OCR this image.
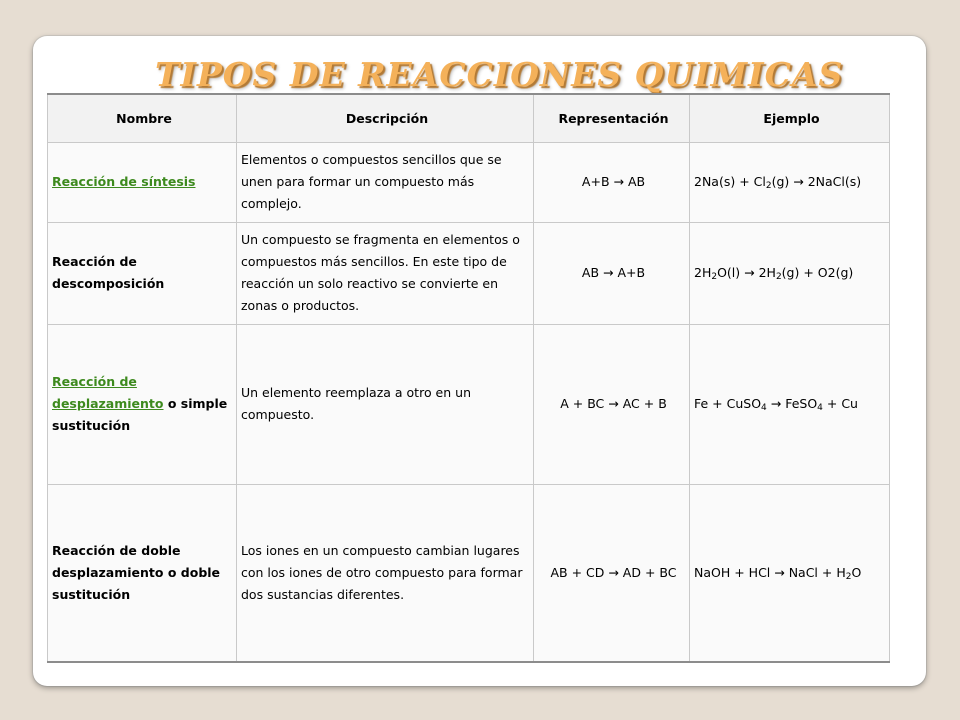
TIPOS DE REACCIONES QUIMICAS
Nombre	Descripción	Representación	Ejemplo
Reacción de síntesis	Elementos o compuestos sencillos que se unen para formar un compuesto más complejo.	A+B → AB	$2Na(s) + Cl_2(g)$ → 2NaCl(s)
Reacción de descomposición	Un compuesto se fragmenta en elementos o compuestos más sencillos. En este tipo de reacción un solo reactivo se convierte en zonas o productos.	AB → A+B	$2H_2O(l) \to 2H_2(g) + O2(g)$
Reacción de desplazamiento o simple sustitución	Un elemento reemplaza a otro en un compuesto.	A + BC → AC + B	Fe + CuSO$_4$ → FeSO$_4$ + Cu
Reacción de doble desplazamiento o doble sustitución	Los iones en un compuesto cambian lugares con los iones de otro compuesto para formar dos sustancias diferentes.	AB + CD → AD + BC	NaOH + HCl → NaCl + $H_2O$
